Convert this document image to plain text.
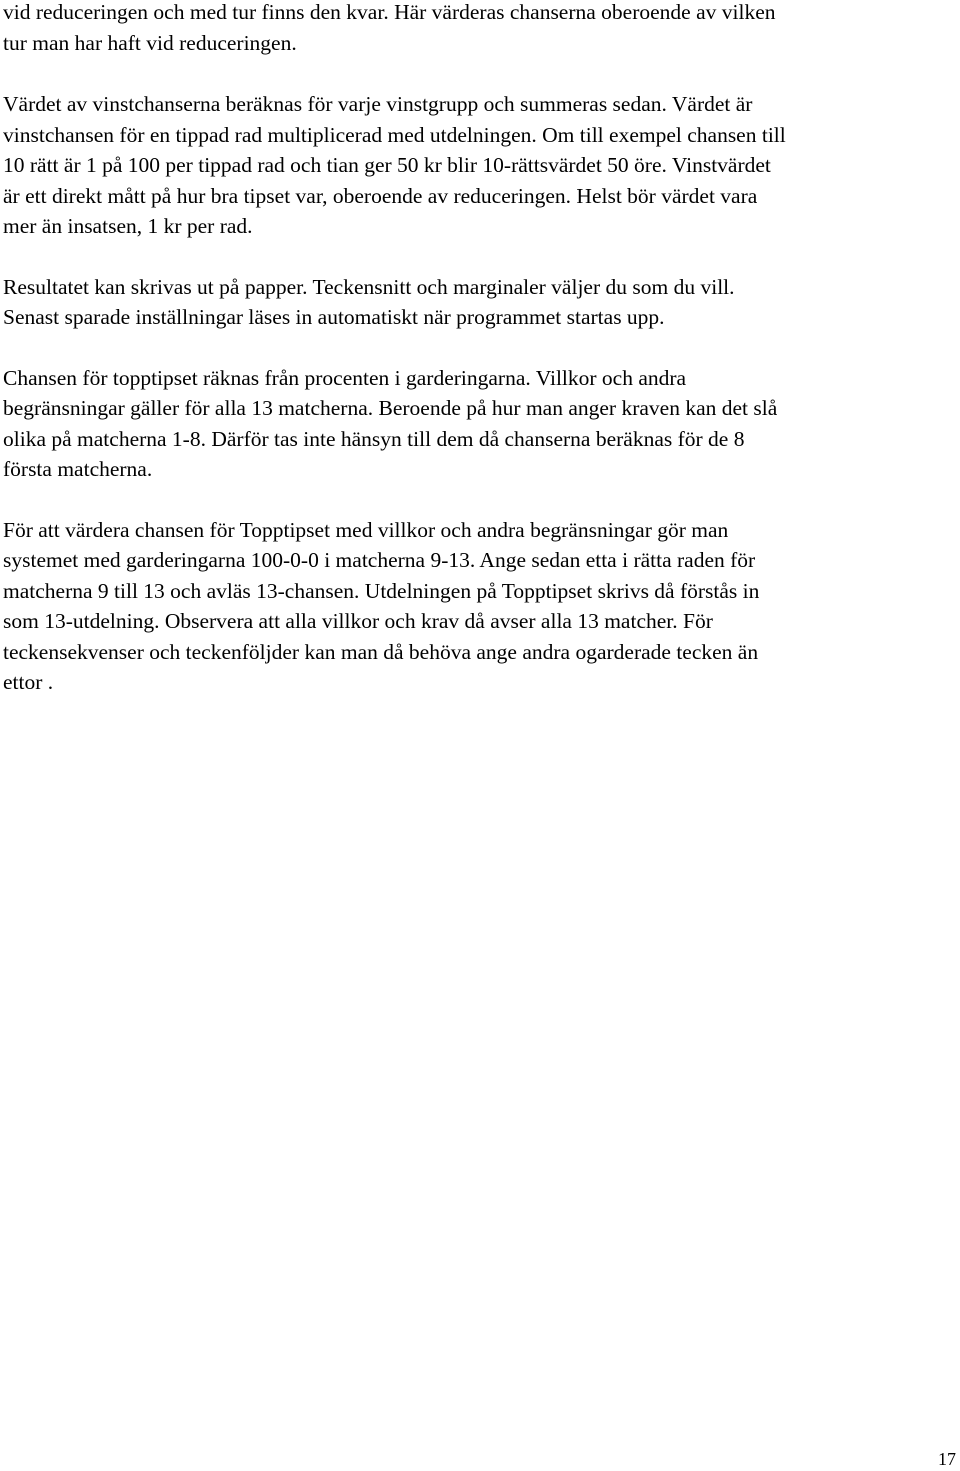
vid reduceringen och med tur finns den kvar. Här värderas chanserna oberoende av vilken
tur man har haft vid reduceringen.

Värdet av vinstchanserna beräknas för varje vinstgrupp och summeras sedan. Värdet är
vinstchansen för en tippad rad multiplicerad med utdelningen. Om till exempel chansen till
10 rätt är 1 på 100 per tippad rad och tian ger 50 kr blir 10-rättsvärdet 50 öre. Vinstvärdet
är ett direkt mått på hur bra tipset var, oberoende av reduceringen. Helst bör värdet vara
mer än insatsen, 1 kr per rad.

Resultatet kan skrivas ut på papper. Teckensnitt och marginaler väljer du som du vill.
Senast sparade inställningar läses in automatiskt när programmet startas upp.

Chansen för topptipset räknas från procenten i garderingarna. Villkor och andra
begränsningar gäller för alla 13 matcherna. Beroende på hur man anger kraven kan det slå
olika på matcherna 1-8. Därför tas inte hänsyn till dem då chanserna beräknas för de 8
första matcherna.

För att värdera chansen för Topptipset med villkor och andra begränsningar gör man
systemet med garderingarna 100-0-0 i matcherna 9-13. Ange sedan etta i rätta raden för
matcherna 9 till 13 och avläs 13-chansen. Utdelningen på Topptipset skrivs då förstås in
som 13-utdelning. Observera att alla villkor och krav då avser alla 13 matcher. För
teckensekvenser och teckenföljder kan man då behöva ange andra ogarderade tecken än
ettor .

17
